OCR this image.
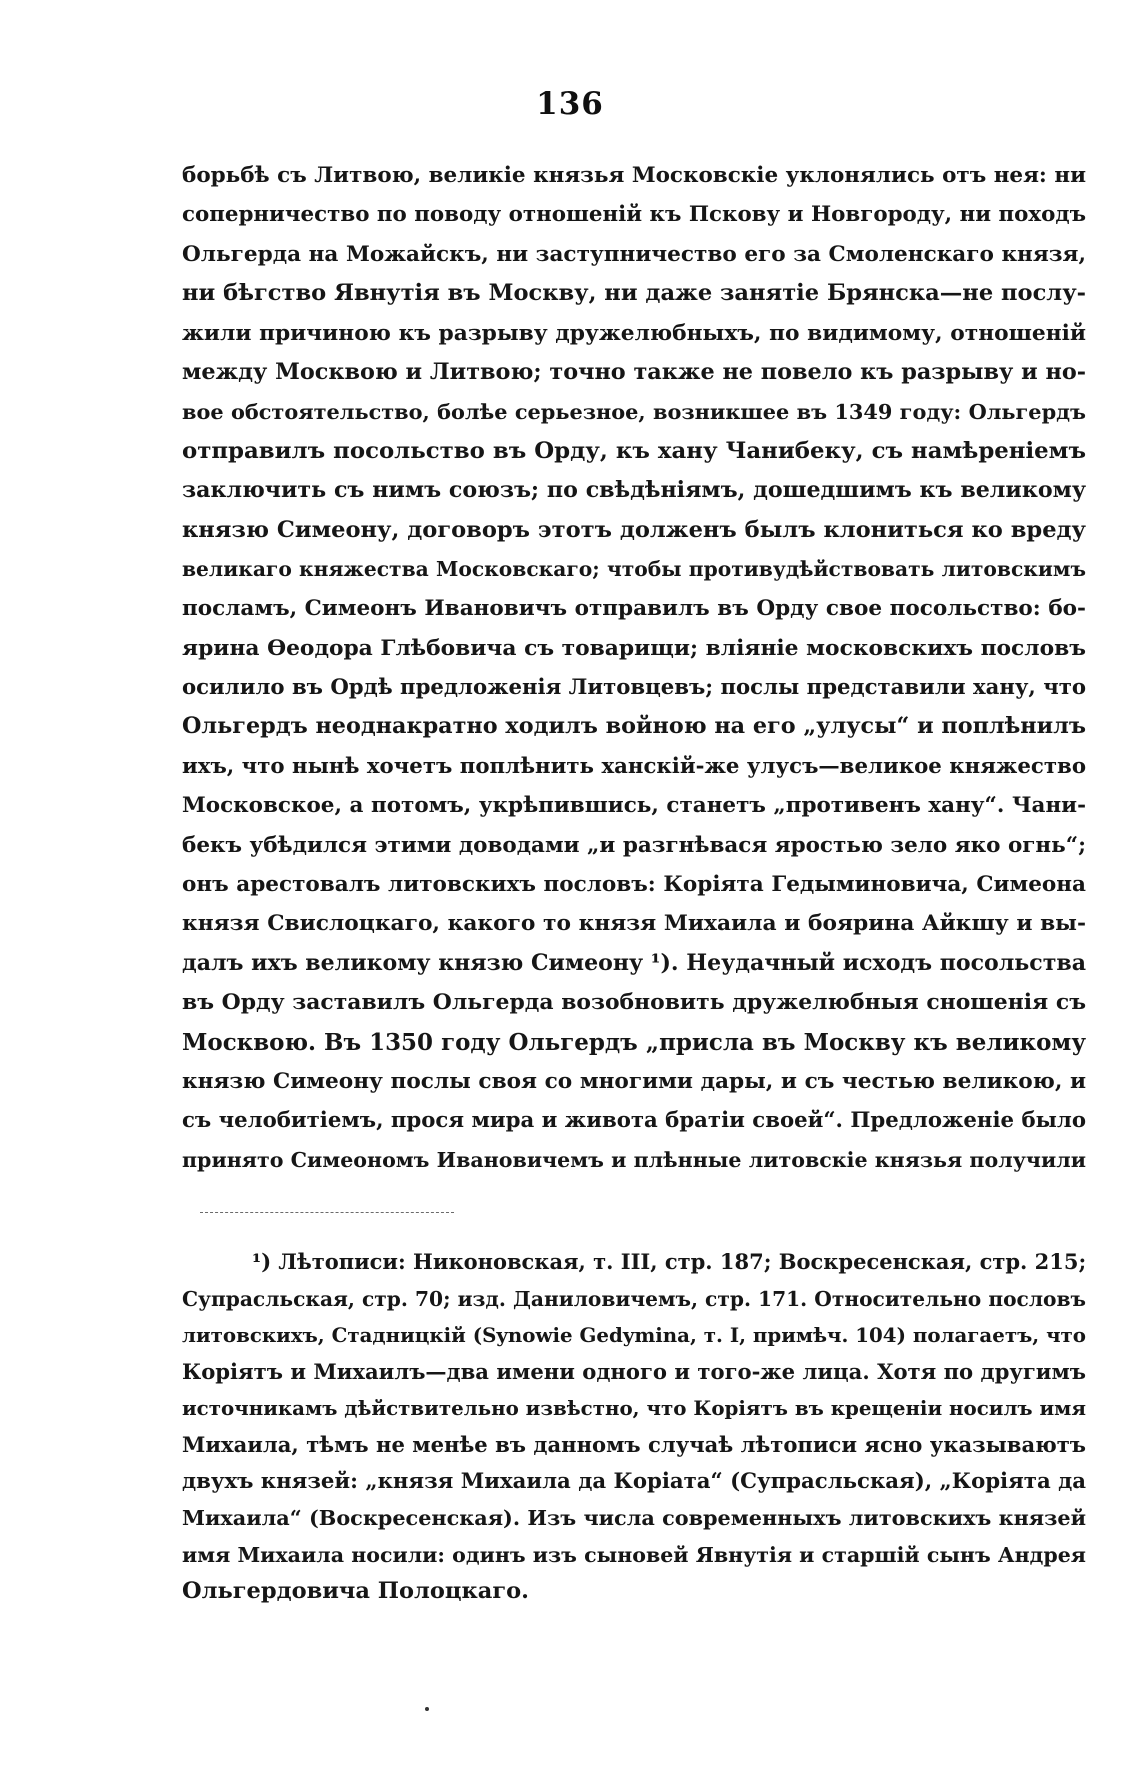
136
борьбѣ съ Литвою, великіе князья Московскіе уклонялись отъ нея: ни
соперничество по поводу отношеній къ Пскову и Новгороду, ни походъ
Ольгерда на Можайскъ, ни заступничество его за Смоленскаго князя,
ни бѣгство Явнутія въ Москву, ни даже занятіе Брянска—не послу-
жили причиною къ разрыву дружелюбныхъ, по видимому, отношеній
между Москвою и Литвою; точно также не повело къ разрыву и но-
вое обстоятельство, болѣе серьезное, возникшее въ 1349 году: Ольгердъ
отправилъ посольство въ Орду, къ хану Чанибеку, съ намѣреніемъ
заключить съ нимъ союзъ; по свѣдѣніямъ, дошедшимъ къ великому
князю Симеону, договоръ этотъ долженъ былъ клониться ко вреду
великаго княжества Московскаго; чтобы противудѣйствовать литовскимъ
посламъ, Симеонъ Ивановичъ отправилъ въ Орду свое посольство: бо-
ярина Ѳеодора Глѣбовича съ товарищи; вліяніе московскихъ пословъ
осилило въ Ордѣ предложенія Литовцевъ; послы представили хану, что
Ольгердъ неоднакратно ходилъ войною на его „улусы“ и поплѣнилъ
ихъ, что нынѣ хочетъ поплѣнить ханскій-же улусъ—великое княжество
Московское, а потомъ, укрѣпившись, станетъ „противенъ хану“. Чани-
бекъ убѣдился этими доводами „и разгнѣвася яростью зело яко огнь“;
онъ арестовалъ литовскихъ пословъ: Коріята Гедыминовича, Симеона
князя Свислоцкаго, какого то князя Михаила и боярина Айкшу и вы-
далъ ихъ великому князю Симеону ¹). Неудачный исходъ посольства
въ Орду заставилъ Ольгерда возобновить дружелюбныя сношенія съ
Москвою. Въ 1350 году Ольгердъ „присла въ Москву къ великому
князю Симеону послы своя со многими дары, и съ честью великою, и
съ челобитіемъ, прося мира и живота братіи своей“. Предложеніе было
принято Симеономъ Ивановичемъ и плѣнные литовскіе князья получили
¹) Лѣтописи: Никоновская, т. III, стр. 187; Воскресенская, стр. 215;
Супрасльская, стр. 70; изд. Даниловичемъ, стр. 171. Относительно пословъ
литовскихъ, Стадницкій (Synowie Gedymina, т. I, примѣч. 104) полагаетъ, что
Коріятъ и Михаилъ—два имени одного и того-же лица. Хотя по другимъ
источникамъ дѣйствительно извѣстно, что Коріятъ въ крещеніи носилъ имя
Михаила, тѣмъ не менѣе въ данномъ случаѣ лѣтописи ясно указываютъ
двухъ князей: „князя Михаила да Коріата“ (Супрасльская), „Коріята да
Михаила“ (Воскресенская). Изъ числа современныхъ литовскихъ князей
имя Михаила носили: одинъ изъ сыновей Явнутія и старшій сынъ Андрея
Ольгердовича Полоцкаго.
